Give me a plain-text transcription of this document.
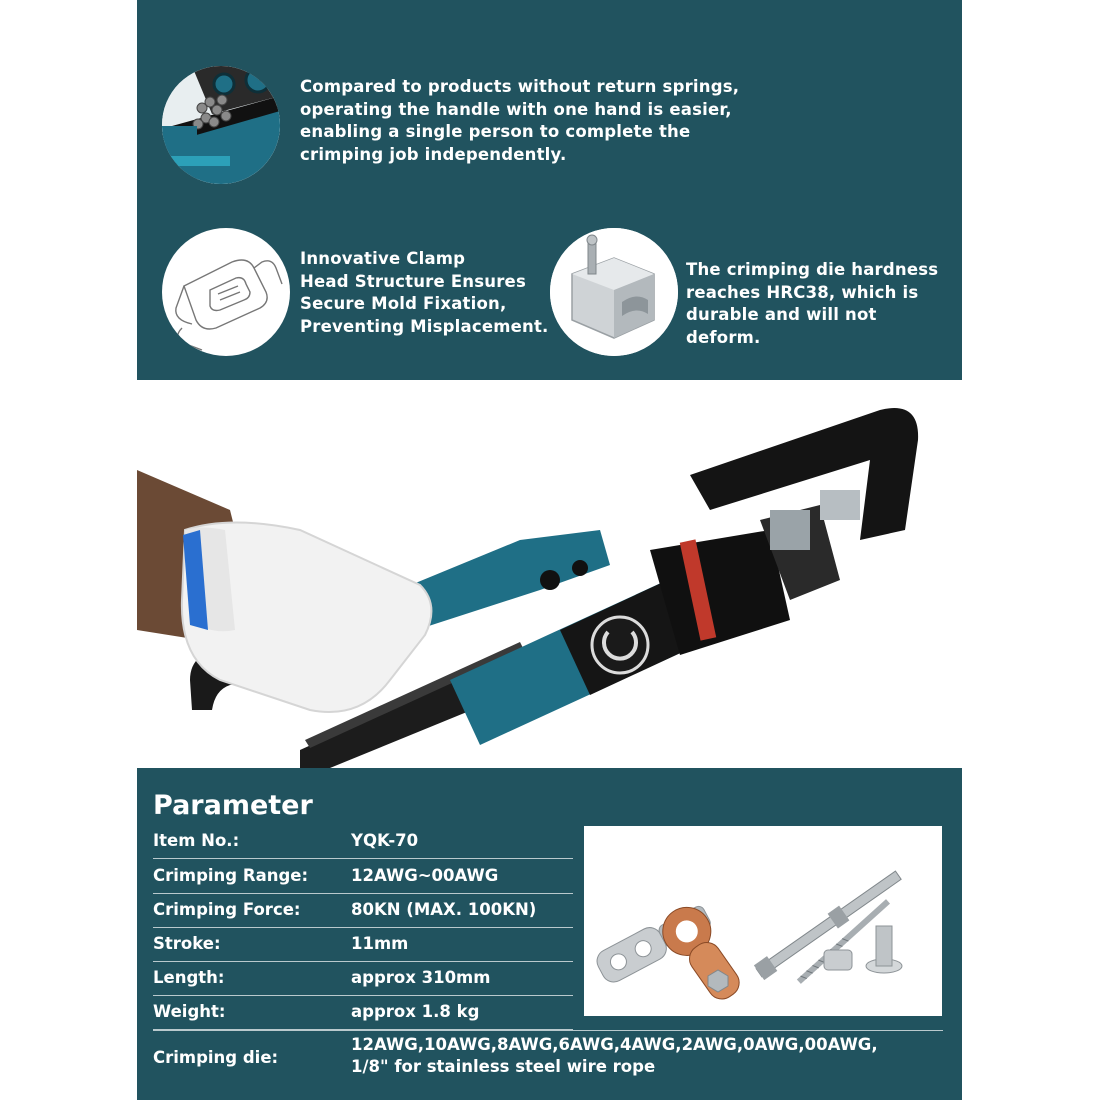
Compared to products without return springs,
operating the handle with one hand is easier,
enabling a single person to complete the
crimping job independently.
Innovative Clamp
Head Structure Ensures
Secure Mold Fixation,
Preventing Misplacement.
The crimping die hardness
reaches HRC38, which is
durable and will not deform.
Parameter
Item No.:	YQK-70
Crimping Range:	12AWG~00AWG
Crimping Force:	80KN (MAX. 100KN)
Stroke:	11mm
Length:	approx 310mm
Weight:	approx 1.8 kg
Crimping die:
12AWG,10AWG,8AWG,6AWG,4AWG,2AWG,0AWG,00AWG,
1/8" for stainless steel wire rope
